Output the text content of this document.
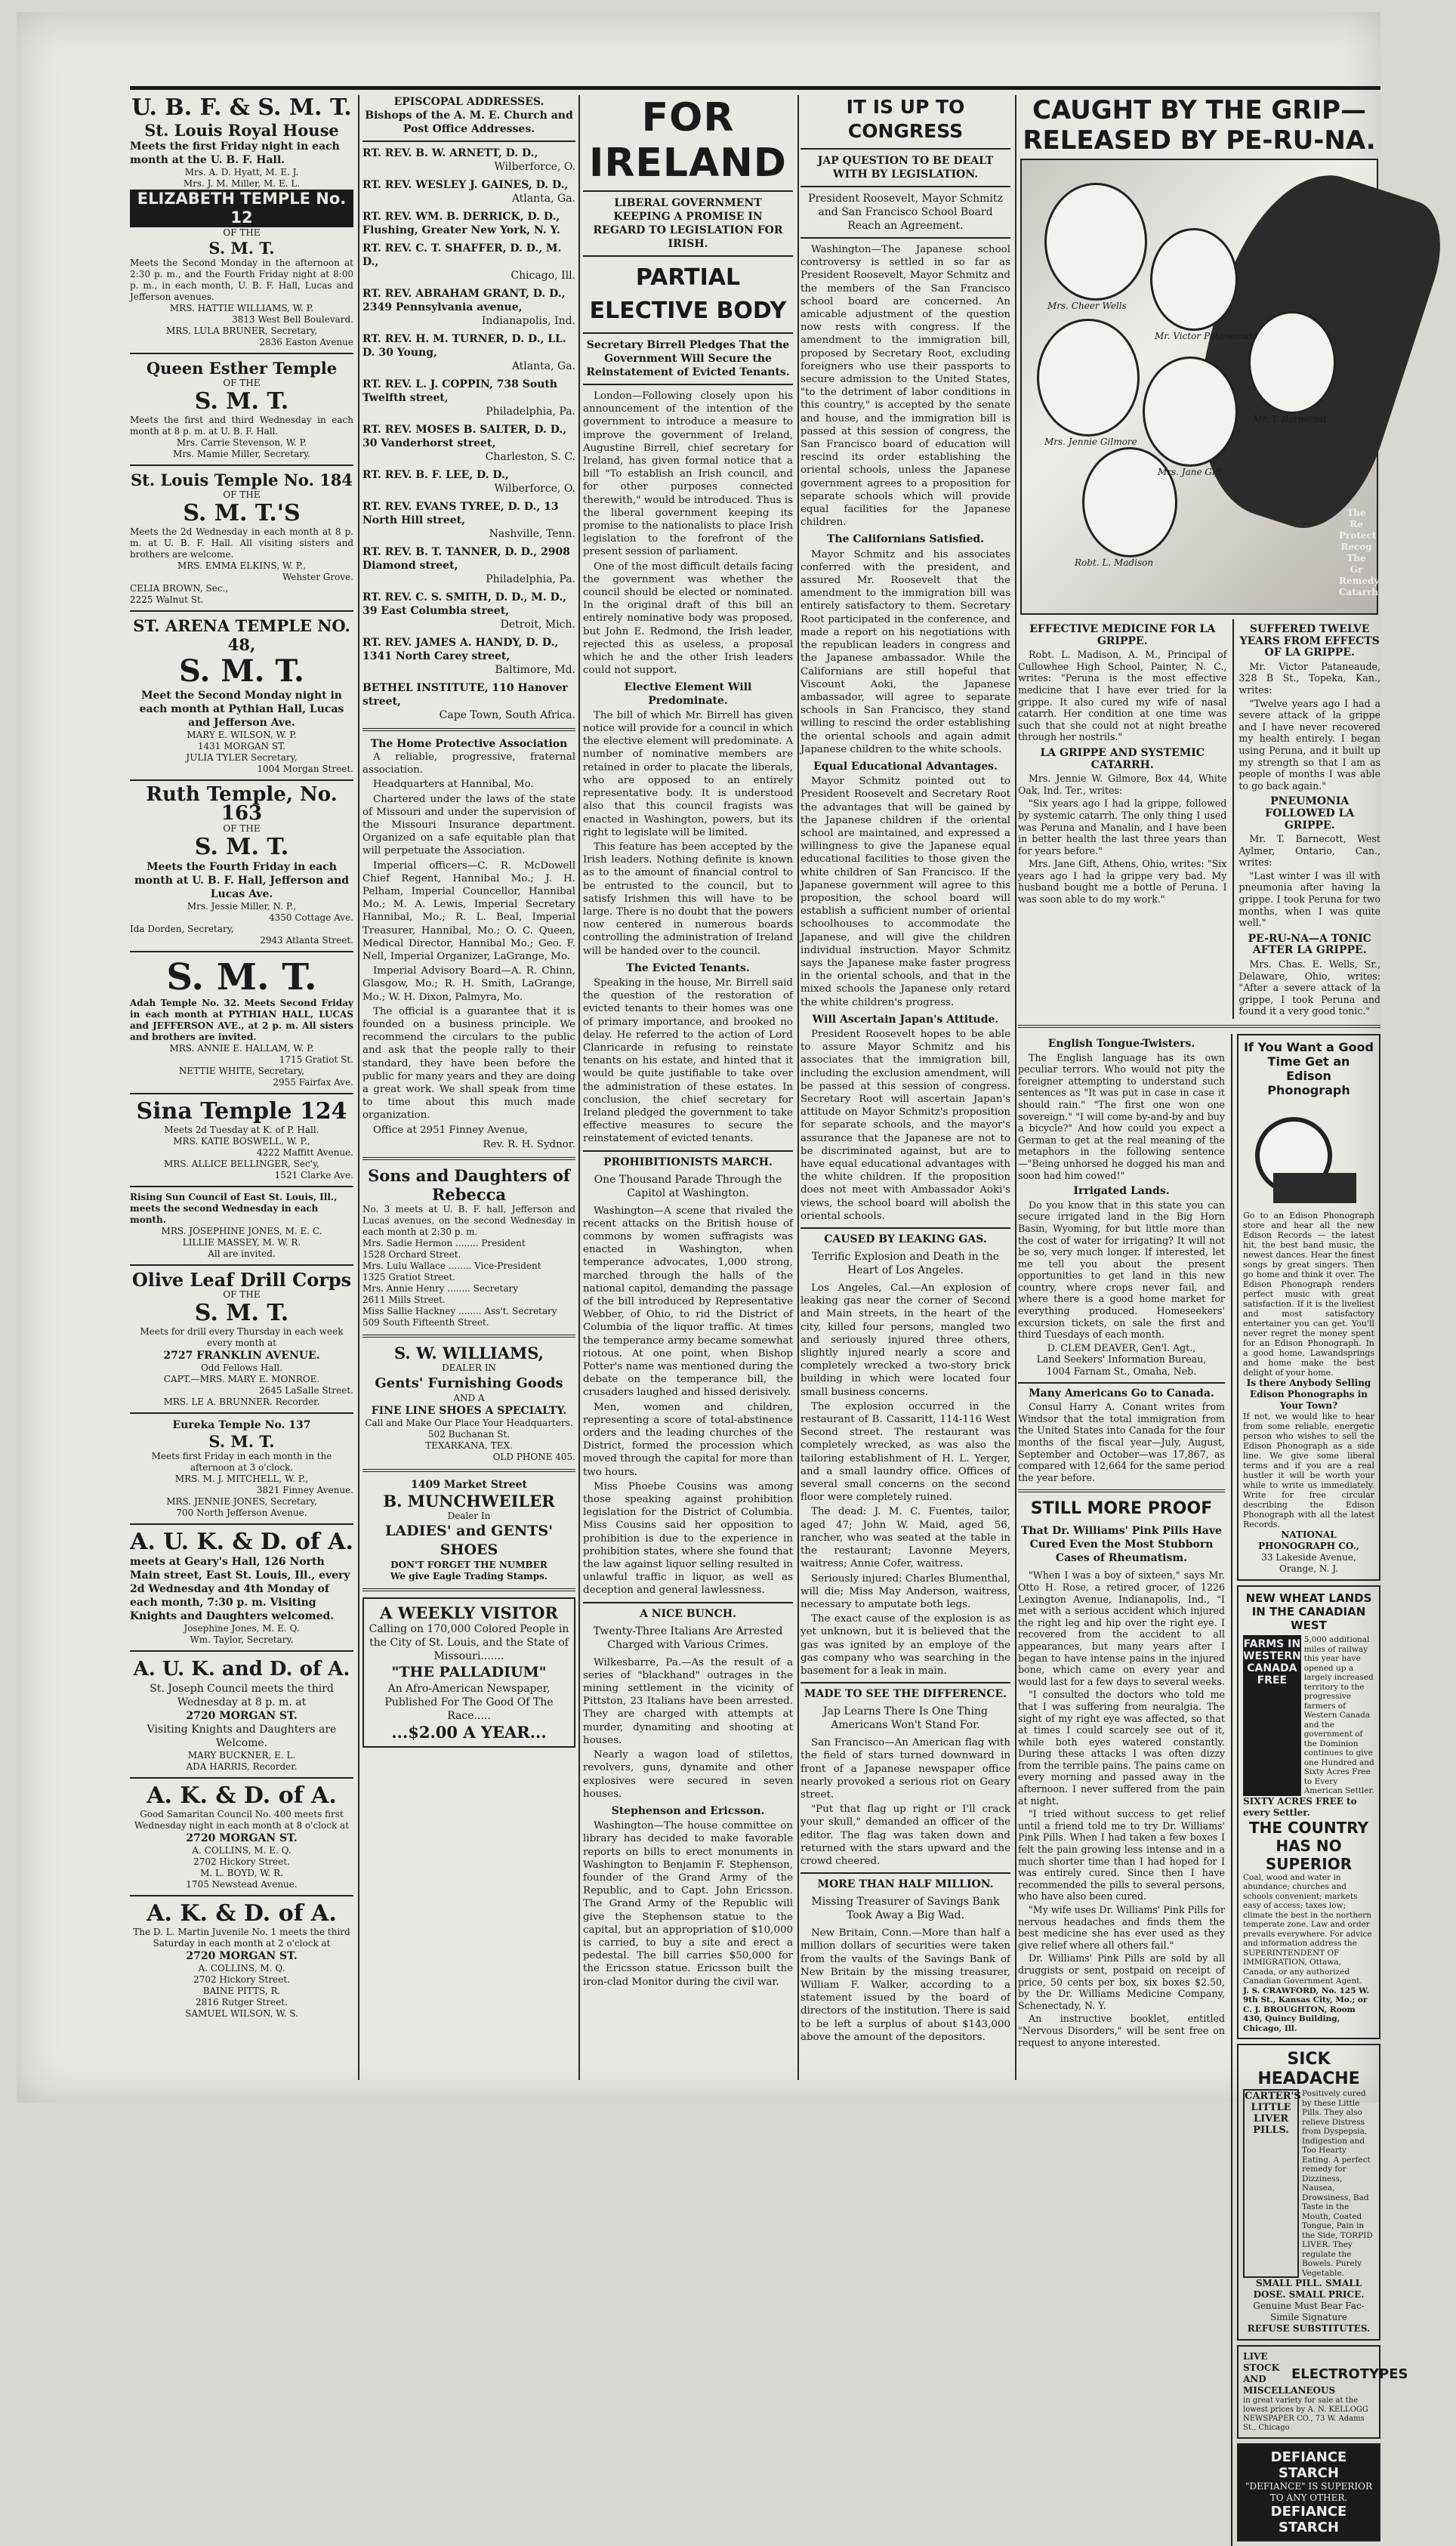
U. B. F. & S. M. T.
St. Louis Royal House
Meets the first Friday night in each month at the U. B. F. Hall.
Mrs. A. D. Hyatt, M. E. J.
Mrs. J. M. Miller, M. E. L.
ELIZABETH TEMPLE No. 12
OF THE
S. M. T.
Meets the Second Monday in the afternoon at 2:30 p. m., and the Fourth Friday night at 8:00 p. m., in each month, U. B. F. Hall, Lucas and Jefferson avenues.
MRS. HATTIE WILLIAMS, W. P.
3813 West Bell Boulevard.
MRS. LULA BRUNER, Secretary,
2836 Easton Avenue
Queen Esther Temple
OF THE
S. M. T.
Meets the first and third Wednesday in each month at 8 p. m. at U. B. F. Hall.
Mrs. Carrie Stevenson, W. P.
Mrs. Mamie Miller, Secretary.
St. Louis Temple No. 184
OF THE
S. M. T.'S
Meets the 2d Wednesday in each month at 8 p. m. at U. B. F. Hall. All visiting sisters and brothers are welcome.
MRS. EMMA ELKINS, W. P.,
Wehster Grove.
CELIA BROWN, Sec.,
2225 Walnut St.
ST. ARENA TEMPLE NO. 48,
S. M. T.
Meet the Second Monday night in each month at Pythian Hall, Lucas and Jefferson Ave.
MARY E. WILSON, W. P.
1431 MORGAN ST.
JULIA TYLER Secretary,
1004 Morgan Street.
Ruth Temple, No. 163
OF THE
S. M. T.
Meets the Fourth Friday in each month at U. B. F. Hall, Jefferson and Lucas Ave.
Mrs. Jessie Miller, N. P.,
4350 Cottage Ave.
Ida Dorden, Secretary,
2943 Atlanta Street.
S. M. T.
Adah Temple No. 32. Meets Second Friday in each month at PYTHIAN HALL, LUCAS and JEFFERSON AVE., at 2 p. m. All sisters and brothers are invited.
MRS. ANNIE E. HALLAM, W. P.
1715 Gratiot St.
NETTIE WHITE, Secretary,
2955 Fairfax Ave.
Sina Temple 124
Meets 2d Tuesday at K. of P. Hall.
MRS. KATIE BOSWELL, W. P.,
4222 Maffitt Avenue.
MRS. ALLICE BELLINGER, Sec'y,
1521 Clarke Ave.
Rising Sun Council of East St. Louis, Ill., meets the second Wednesday in each month.
MRS. JOSEPHINE JONES, M. E. C.
LILLIE MASSEY, M. W. R.
All are invited.
Olive Leaf Drill Corps
OF THE
S. M. T.
Meets for drill every Thursday in each week every month at
2727 FRANKLIN AVENUE.
Odd Fellows Hall.
CAPT.—MRS. MARY E. MONROE.
2645 LaSalle Street.
MRS. LE A. BRUNNER. Recorder.
Eureka Temple No. 137
S. M. T.
Meets first Friday in each month in the afternoon at 3 o'clock.
MRS. M. J. MITCHELL, W. P.,
3821 Finney Avenue.
MRS. JENNIE JONES, Secretary,
700 North Jefferson Avenue.
A. U. K. & D. of A.
meets at Geary's Hall, 126 North Main street, East St. Louis, Ill., every 2d Wednesday and 4th Monday of each month, 7:30 p. m. Visiting Knights and Daughters welcomed.
Josephine Jones, M. E. Q.
Wm. Taylor, Secretary.
A. U. K. and D. of A.
St. Joseph Council meets the third Wednesday at 8 p. m. at
2720 MORGAN ST.
Visiting Knights and Daughters are Welcome.
MARY BUCKNER, E. L.
ADA HARRIS, Recorder.
A. K. & D. of A.
Good Samaritan Council No. 400 meets first Wednesday night in each month at 8 o'clock at
2720 MORGAN ST.
A. COLLINS, M. E. Q.
2702 Hickory Street.
M. L. BOYD, W. R.
1705 Newstead Avenue.
A. K. & D. of A.
The D. L. Martin Juvenile No. 1 meets the third Saturday in each month at 2 o'clock at
2720 MORGAN ST.
A. COLLINS, M. Q.
2702 Hickory Street.
BAINE PITTS, R.
2816 Rutger Street.
SAMUEL WILSON, W. S.
EPISCOPAL ADDRESSES.
Bishops of the A. M. E. Church and Post Office Addresses.
RT. REV. B. W. ARNETT, D. D.,
Wilberforce, O.
RT. REV. WESLEY J. GAINES, D. D.,
Atlanta, Ga.
RT. REV. WM. B. DERRICK, D. D., Flushing, Greater New York, N. Y.
RT. REV. C. T. SHAFFER, D. D., M. D.,
Chicago, Ill.
RT. REV. ABRAHAM GRANT, D. D., 2349 Pennsylvania avenue,
Indianapolis, Ind.
RT. REV. H. M. TURNER, D. D., LL. D. 30 Young,
Atlanta, Ga.
RT. REV. L. J. COPPIN, 738 South Twelfth street,
Philadelphia, Pa.
RT. REV. MOSES B. SALTER, D. D., 30 Vanderhorst street,
Charleston, S. C.
RT. REV. B. F. LEE, D. D.,
Wilberforce, O.
RT. REV. EVANS TYREE, D. D., 13 North Hill street,
Nashville, Tenn.
RT. REV. B. T. TANNER, D. D., 2908 Diamond street,
Philadelphia, Pa.
RT. REV. C. S. SMITH, D. D., M. D., 39 East Columbia street,
Detroit, Mich.
RT. REV. JAMES A. HANDY, D. D., 1341 North Carey street,
Baltimore, Md.
BETHEL INSTITUTE, 110 Hanover street,
Cape Town, South Africa.
The Home Protective Association

A reliable, progressive, fraternal association.

Headquarters at Hannibal, Mo.

Chartered under the laws of the state of Missouri and under the supervision of the Missouri Insurance department. Organized on a safe equitable plan that will perpetuate the Association.

Imperial officers—C. R. McDowell Chief Regent, Hannibal Mo.; J. H. Pelham, Imperial Councellor, Hannibal Mo.; M. A. Lewis, Imperial Secretary Hannibal, Mo.; R. L. Beal, Imperial Treasurer, Hannibal, Mo.; O. C. Queen, Medical Director, Hannibal Mo.; Geo. F. Nell, Imperial Organizer, LaGrange, Mo.

Imperial Advisory Board—A. R. Chinn, Glasgow, Mo.; R. H. Smith, LaGrange, Mo.; W. H. Dixon, Palmyra, Mo.

The official is a guarantee that it is founded on a business principle. We recommend the circulars to the public and ask that the people rally to their standard, they have been before the public for many years and they are doing a great work. We shall speak from time to time about this much made organization.

Office at 2951 Finney Avenue,

Rev. R. H. Sydnor.

Sons and Daughters of Rebecca
No. 3 meets at U. B. F. hall, Jefferson and Lucas avenues, on the second Wednesday in each month at 2:30 p. m.
Mrs. Sadie Hermon ........ President
1528 Orchard Street.
Mrs. Lulu Wallace ........ Vice-President
1325 Gratiot Street.
Mrs. Annie Henry ........ Secretary
2611 Mills Street.
Miss Sallie Hackney ........ Ass't. Secretary
509 South Fifteenth Street.
S. W. WILLIAMS,
DEALER IN
Gents' Furnishing Goods
AND A
FINE LINE SHOES A SPECIALTY.
Call and Make Our Place Your Headquarters.
502 Buchanan St.
TEXARKANA, TEX.
OLD PHONE 405.
1409 Market Street
B. MUNCHWEILER
Dealer In
LADIES' and GENTS' SHOES
DON'T FORGET THE NUMBER
We give Eagle Trading Stamps.
A WEEKLY VISITOR
Calling on 170,000 Colored People in the City of St. Louis, and the State of Missouri.......
"THE PALLADIUM"
An Afro-American Newspaper, Published For The Good Of The Race.....
...$2.00 A YEAR...
FOR IRELAND
LIBERAL GOVERNMENT KEEPING A PROMISE IN REGARD TO LEGISLATION FOR IRISH.
PARTIAL ELECTIVE BODY
Secretary Birrell Pledges That the Government Will Secure the Reinstatement of Evicted Tenants.

London—Following closely upon his announcement of the intention of the government to introduce a measure to improve the government of Ireland, Augustine Birrell, chief secretary for Ireland, has given formal notice that a bill "To establish an Irish council, and for other purposes connected therewith," would be introduced. Thus is the liberal government keeping its promise to the nationalists to place Irish legislation to the forefront of the present session of parliament.

One of the most difficult details facing the government was whether the council should be elected or nominated. In the original draft of this bill an entirely nominative body was proposed, but John E. Redmond, the Irish leader, rejected this as useless, a proposal which he and the other Irish leaders could not support.

Elective Element Will Predominate.

The bill of which Mr. Birrell has given notice will provide for a council in which the elective element will predominate. A number of nominative members are retained in order to placate the liberals, who are opposed to an entirely representative body. It is understood also that this council fragists was enacted in Washington, powers, but its right to legislate will be limited.

This feature has been accepted by the Irish leaders. Nothing definite is known as to the amount of financial control to be entrusted to the council, but to satisfy Irishmen this will have to be large. There is no doubt that the powers now centered in numerous boards controlling the administration of Ireland will be handed over to the council.

The Evicted Tenants.

Speaking in the house, Mr. Birrell said the question of the restoration of evicted tenants to their homes was one of primary importance, and brooked no delay. He referred to the action of Lord Clanricarde in refusing to reinstate tenants on his estate, and hinted that it would be quite justifiable to take over the administration of these estates. In conclusion, the chief secretary for Ireland pledged the government to take effective measures to secure the reinstatement of evicted tenants.

PROHIBITIONISTS MARCH.
One Thousand Parade Through the Capitol at Washington.

Washington—A scene that rivaled the recent attacks on the British house of commons by women suffragists was enacted in Washington, when temperance advocates, 1,000 strong, marched through the halls of the national capitol, demanding the passage of the bill introduced by Representative Webber, of Ohio, to rid the District of Columbia of the liquor traffic. At times the temperance army became somewhat riotous. At one point, when Bishop Potter's name was mentioned during the debate on the temperance bill, the crusaders laughed and hissed derisively.

Men, women and children, representing a score of total-abstinence orders and the leading churches of the District, formed the procession which moved through the capital for more than two hours.

Miss Phoebe Cousins was among those speaking against prohibition legislation for the District of Columbia. Miss Cousins said her opposition to prohibition is due to the experience in prohibition states, where she found that the law against liquor selling resulted in unlawful traffic in liquor, as well as deception and general lawlessness.

A NICE BUNCH.
Twenty-Three Italians Are Arrested Charged with Various Crimes.

Wilkesbarre, Pa.—As the result of a series of "blackhand" outrages in the mining settlement in the vicinity of Pittston, 23 Italians have been arrested. They are charged with attempts at murder, dynamiting and shooting at houses.

Nearly a wagon load of stilettos, revolvers, guns, dynamite and other explosives were secured in seven houses.

Stephenson and Ericsson.

Washington—The house committee on library has decided to make favorable reports on bills to erect monuments in Washington to Benjamin F. Stephenson, founder of the Grand Army of the Republic, and to Capt. John Ericsson. The Grand Army of the Republic will give the Stephenson statue to the capital, but an appropriation of $10,000 is carried, to buy a site and erect a pedestal. The bill carries $50,000 for the Ericsson statue. Ericsson built the iron-clad Monitor during the civil war.

IT IS UP TO CONGRESS
JAP QUESTION TO BE DEALT WITH BY LEGISLATION.
President Roosevelt, Mayor Schmitz and San Francisco School Board Reach an Agreement.

Washington—The Japanese school controversy is settled in so far as President Roosevelt, Mayor Schmitz and the members of the San Francisco school board are concerned. An amicable adjustment of the question now rests with congress. If the amendment to the immigration bill, proposed by Secretary Root, excluding foreigners who use their passports to secure admission to the United States, "to the detriment of labor conditions in this country," is accepted by the senate and house, and the immigration bill is passed at this session of congress, the San Francisco board of education will rescind its order establishing the oriental schools, unless the Japanese government agrees to a proposition for separate schools which will provide equal facilities for the Japanese children.

The Californians Satisfied.

Mayor Schmitz and his associates conferred with the president, and assured Mr. Roosevelt that the amendment to the immigration bill was entirely satisfactory to them. Secretary Root participated in the conference, and made a report on his negotiations with the republican leaders in congress and the Japanese ambassador. While the Californians are still hopeful that Viscount Aoki, the Japanese ambassador, will agree to separate schools in San Francisco, they stand willing to rescind the order establishing the oriental schools and again admit Japanese children to the white schools.

Equal Educational Advantages.

Mayor Schmitz pointed out to President Roosevelt and Secretary Root the advantages that will be gained by the Japanese children if the oriental school are maintained, and expressed a willingness to give the Japanese equal educational facilities to those given the white children of San Francisco. If the Japanese government will agree to this proposition, the school board will establish a sufficient number of oriental schoolhouses to accommodate the Japanese, and will give the children individual instruction. Mayor Schmitz says the Japanese make faster progress in the oriental schools, and that in the mixed schools the Japanese only retard the white children's progress.

Will Ascertain Japan's Attitude.

President Roosevelt hopes to be able to assure Mayor Schmitz and his associates that the immigration bill, including the exclusion amendment, will be passed at this session of congress. Secretary Root will ascertain Japan's attitude on Mayor Schmitz's proposition for separate schools, and the mayor's assurance that the Japanese are not to be discriminated against, but are to have equal educational advantages with the white children. If the proposition does not meet with Ambassador Aoki's views, the school board will abolish the oriental schools.

CAUSED BY LEAKING GAS.
Terrific Explosion and Death in the Heart of Los Angeles.

Los Angeles, Cal.—An explosion of leaking gas near the corner of Second and Main streets, in the heart of the city, killed four persons, mangled two and seriously injured three others, slightly injured nearly a score and completely wrecked a two-story brick building in which were located four small business concerns.

The explosion occurred in the restaurant of B. Cassaritt, 114-116 West Second street. The restaurant was completely wrecked, as was also the tailoring establishment of H. L. Yerger, and a small laundry office. Offices of several small concerns on the second floor were completely ruined.

The dead: J. M. C. Fuentes, tailor, aged 47; John W. Maid, aged 56, rancher, who was seated at the table in the restaurant; Lavonne Meyers, waitress; Annie Cofer, waitress.

Seriously injured: Charles Blumenthal, will die; Miss May Anderson, waitress, necessary to amputate both legs.

The exact cause of the explosion is as yet unknown, but it is believed that the gas was ignited by an employe of the gas company who was searching in the basement for a leak in main.

MADE TO SEE THE DIFFERENCE.
Jap Learns There Is One Thing Americans Won't Stand For.

San Francisco—An American flag with the field of stars turned downward in front of a Japanese newspaper office nearly provoked a serious riot on Geary street.

"Put that flag up right or I'll crack your skull," demanded an officer of the editor. The flag was taken down and returned with the stars upward and the crowd cheered.

MORE THAN HALF MILLION.
Missing Treasurer of Savings Bank Took Away a Big Wad.

New Britain, Conn.—More than half a million dollars of securities were taken from the vaults of the Savings Bank of New Britain by the missing treasurer, William F. Walker, according to a statement issued by the board of directors of the institution. There is said to be left a surplus of about $143,000 above the amount of the depositors.

CAUGHT BY THE GRIP—
RELEASED BY PE-RU-NA.
Mrs. Cheer Wells
Robt. L. Madison
Mrs. Jane Gift
Mrs. Jennie Gilmore
Mr. Victor Pataneaude
Mr. T. Barnecott
The Re
Protect
Recog
The Gr
Remedy
Catarrh
EFFECTIVE MEDICINE FOR LA GRIPPE.

Robt. L. Madison, A. M., Principal of Cullowhee High School, Painter, N. C., writes: "Peruna is the most effective medicine that I have ever tried for la grippe. It also cured my wife of nasal catarrh. Her condition at one time was such that she could not at night breathe through her nostrils."

LA GRIPPE AND SYSTEMIC CATARRH.

Mrs. Jennie W. Gilmore, Box 44, White Oak, Ind. Ter., writes:

"Six years ago I had la grippe, followed by systemic catarrh. The only thing I used was Peruna and Manalin, and I have been in better health the last three years than for years before."

Mrs. Jane Gift, Athens, Ohio, writes: "Six years ago I had la grippe very bad. My husband bought me a bottle of Peruna. I was soon able to do my work."

SUFFERED TWELVE YEARS FROM EFFECTS OF LA GRIPPE.

Mr. Victor Pataneaude, 328 B St., Topeka, Kan., writes:

"Twelve years ago I had a severe attack of la grippe and I have never recovered my health entirely. I began using Peruna, and it built up my strength so that I am as people of months I was able to go back again."

PNEUMONIA FOLLOWED LA GRIPPE.

Mr. T. Barnecott, West Aylmer, Ontario, Can., writes:

"Last winter I was ill with pneumonia after having la grippe. I took Peruna for two months, when I was quite well."

PE-RU-NA—A TONIC AFTER LA GRIPPE.

Mrs. Chas. E. Wells, Sr., Delaware, Ohio, writes: "After a severe attack of la grippe, I took Peruna and found it a very good tonic."

English Tongue-Twisters.

The English language has its own peculiar terrors. Who would not pity the foreigner attempting to understand such sentences as "It was put in case in case it should rain." "The first one won one sovereign." "I will come by-and-by and buy a bicycle?" And how could you expect a German to get at the real meaning of the metaphors in the following sentence—"Being unhorsed he dogged his man and soon had him cowed!"

Irrigated Lands.

Do you know that in this state you can secure irrigated land in the Big Horn Basin, Wyoming, for but little more than the cost of water for irrigating? It will not be so, very much longer. If interested, let me tell you about the present opportunities to get land in this new country, where crops never fail, and where there is a good home market for everything produced. Homeseekers' excursion tickets, on sale the first and third Tuesdays of each month.

D. CLEM DEAVER, Gen'l. Agt.,
Land Seekers' Information Bureau,
1004 Farnam St., Omaha, Neb.
Many Americans Go to Canada.

Consul Harry A. Conant writes from Windsor that the total immigration from the United States into Canada for the four months of the fiscal year—July, August, September and October—was 17,867, as compared with 12,664 for the same period the year before.

STILL MORE PROOF
That Dr. Williams' Pink Pills Have Cured Even the Most Stubborn Cases of Rheumatism.

"When I was a boy of sixteen," says Mr. Otto H. Rose, a retired grocer, of 1226 Lexington Avenue, Indianapolis, Ind., "I met with a serious accident which injured the right leg and hip over the right eye. I recovered from the accident to all appearances, but many years after I began to have intense pains in the injured bone, which came on every year and would last for a few days to several weeks.

"I consulted the doctors who told me that I was suffering from neuralgia. The sight of my right eye was affected, so that at times I could scarcely see out of it, while both eyes watered constantly. During these attacks I was often dizzy from the terrible pains. The pains came on every morning and passed away in the afternoon. I never suffered from the pain at night.

"I tried without success to get relief until a friend told me to try Dr. Williams' Pink Pills. When I had taken a few boxes I felt the pain growing less intense and in a much shorter time than I had hoped for I was entirely cured. Since then I have recommended the pills to several persons, who have also been cured.

"My wife uses Dr. Williams' Pink Pills for nervous headaches and finds them the best medicine she has ever used as they give relief where all others fail."

Dr. Williams' Pink Pills are sold by all druggists or sent, postpaid on receipt of price, 50 cents per box, six boxes $2.50, by the Dr. Williams Medicine Company, Schenectady, N. Y.

An instructive booklet, entitled "Nervous Disorders," will be sent free on request to anyone interested.

If You Want a Good Time Get an Edison Phonograph
Go to an Edison Phonograph store and hear all the new Edison Records — the latest hit, the best band music, the newest dances. Hear the finest songs by great singers. Then go home and think it over. The Edison Phonograph renders perfect music with great satisfaction. If it is the liveliest and most satisfactory entertainer you can get. You'll never regret the money spent for an Edison Phonograph. In a good home, Lawandsprings and home make the best delight of your home.
Is there Anybody Selling Edison Phonographs in Your Town?
If not, we would like to hear from some reliable, energetic person who wishes to sell the Edison Phonograph as a side line. We give some liberal terms and if you are a real hustler it will be worth your while to write us immediately. Write for free circular describing the Edison Phonograph with all the latest Records.
NATIONAL PHONOGRAPH CO.,
33 Lakeside Avenue, Orange, N. J.
NEW WHEAT LANDS IN THE CANADIAN WEST
FARMS IN
WESTERN
CANADA
FREE
5,000 additional miles of railway this year have opened up a largely increased territory to the progressive farmers of Western Canada and the government of the Dominion continues to give one Hundred and Sixty Acres Free to Every American Settler.
SIXTY ACRES FREE to every Settler.
THE COUNTRY HAS NO SUPERIOR
Coal, wood and water in abundance; churches and schools convenient; markets easy of access; taxes low; climate the best in the northern temperate zone. Law and order prevails everywhere. For advice and information address the SUPERINTENDENT OF IMMIGRATION, Ottawa, Canada, or any authorized Canadian Government Agent.
J. S. CRAWFORD, No. 125 W. 9th St., Kansas City, Mo.; or C. J. BROUGHTON, Room 430, Quincy Building, Chicago, Ill.
SICK HEADACHE
CARTER'S
LITTLE
LIVER
PILLS.
Positively cured by these Little Pills. They also relieve Distress from Dyspepsia, Indigestion and Too Hearty Eating. A perfect remedy for Dizziness, Nausea, Drowsiness, Bad Taste in the Mouth, Coated Tongue, Pain in the Side, TORPID LIVER. They regulate the Bowels. Purely Vegetable.
SMALL PILL. SMALL DOSE. SMALL PRICE.
Genuine Must Bear Fac-Simile Signature
REFUSE SUBSTITUTES.
LIVE STOCK AND MISCELLANEOUS
ELECTROTYPES
in great variety for sale at the lowest prices by A. N. KELLOGG NEWSPAPER CO., 73 W. Adams St., Chicago
DEFIANCE STARCH
"DEFIANCE" IS SUPERIOR TO ANY OTHER.
DEFIANCE STARCH
